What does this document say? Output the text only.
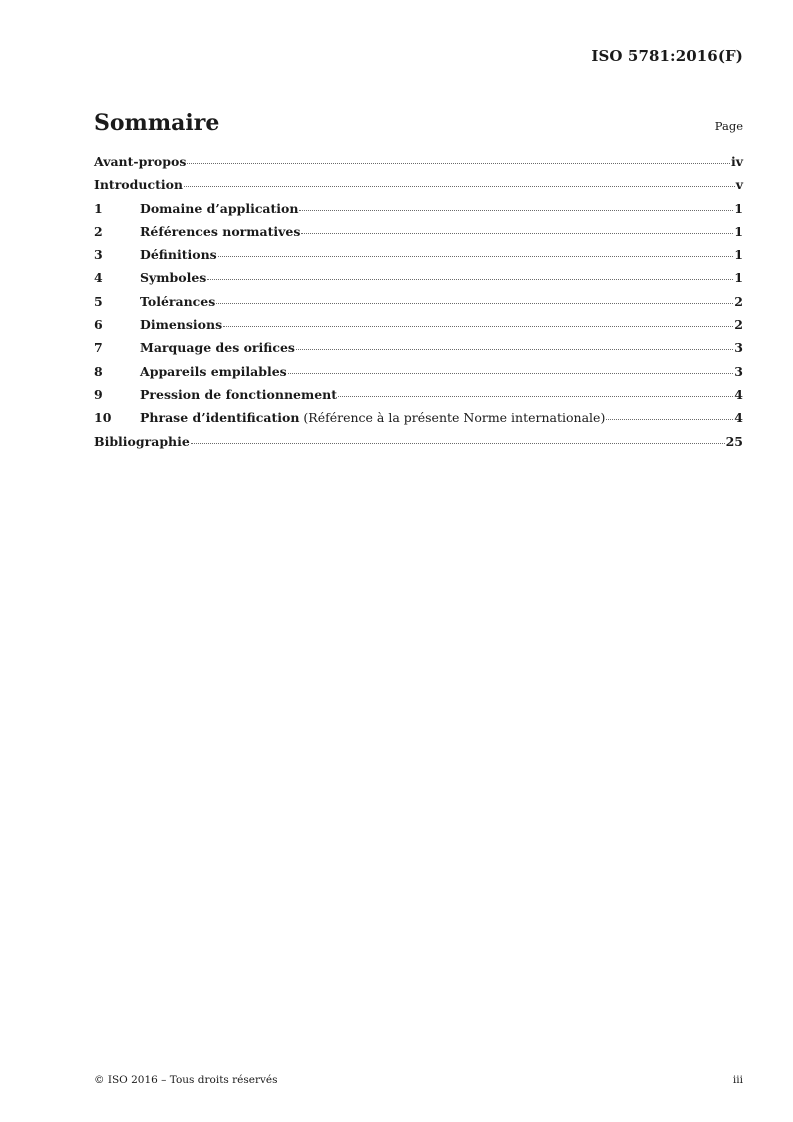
ISO 5781:2016(F)
Sommaire	Page
Avant-propos	iv
Introduction	v
1	Domaine d’application	1
2	Références normatives	1
3	Définitions	1
4	Symboles	1
5	Tolérances	2
6	Dimensions	2
7	Marquage des orifices	3
8	Appareils empilables	3
9	Pression de fonctionnement	4
10	Phrase d’identification (Référence à la présente Norme internationale)	4
Bibliographie	25
© ISO 2016 – Tous droits réservés	iii
